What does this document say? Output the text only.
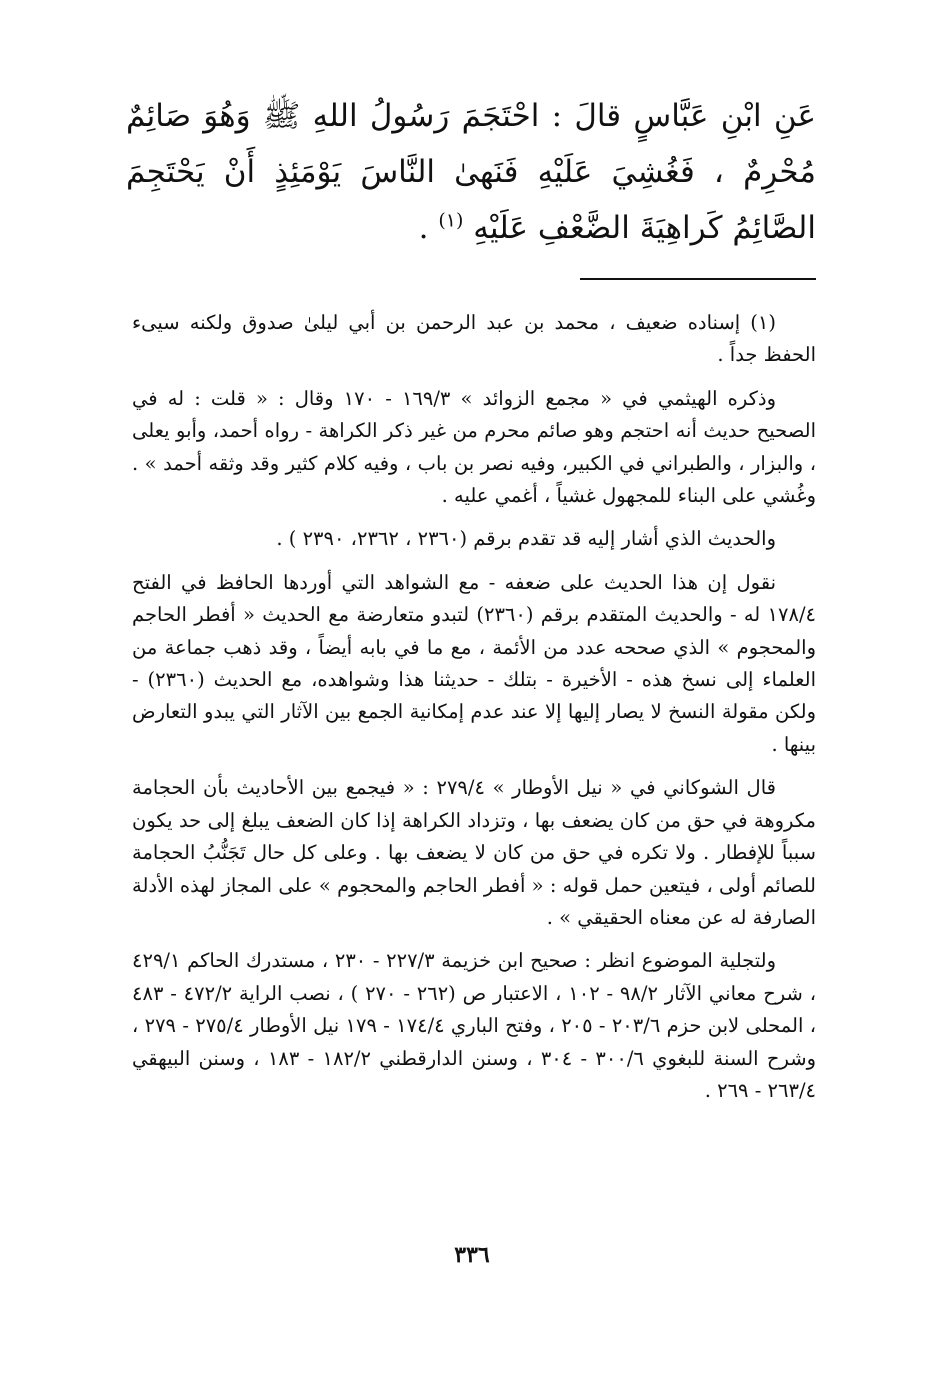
عَنِ ابْنِ عَبَّاسٍ قالَ : احْتَجَمَ رَسُولُ اللهِ ﷺ وَهُوَ صَائِمٌ مُحْرِمٌ ، فَغُشِيَ عَلَيْهِ فَنَهىٰ النَّاسَ يَوْمَئِذٍ أَنْ يَحْتَجِمَ الصَّائِمُ كَراهِيَةَ الضَّعْفِ عَلَيْهِ $^{(١)}$ .

(١) إسناده ضعيف ، محمد بن عبد الرحمن بن أبي ليلىٰ صدوق ولكنه سيىء الحفظ جداً .

وذكره الهيثمي في « مجمع الزوائد » ١٦٩/٣ - ١٧٠ وقال : « قلت : له في الصحيح حديث أنه احتجم وهو صائم محرم من غير ذكر الكراهة - رواه أحمد، وأبو يعلى ، والبزار ، والطبراني في الكبير، وفيه نصر بن باب ، وفيه كلام كثير وقد وثقه أحمد » . وغُشي على البناء للمجهول غشياً ، أغمي عليه .

والحديث الذي أشار إليه قد تقدم برقم (٢٣٦٠ ، ٢٣٦٢، ٢٣٩٠ ) .

نقول إن هذا الحديث على ضعفه - مع الشواهد التي أوردها الحافظ في الفتح ١٧٨/٤ له - والحديث المتقدم برقم (٢٣٦٠) لتبدو متعارضة مع الحديث « أفطر الحاجم والمحجوم » الذي صححه عدد من الأئمة ، مع ما في بابه أيضاً ، وقد ذهب جماعة من العلماء إلى نسخ هذه - الأخيرة - بتلك - حديثنا هذا وشواهده، مع الحديث (٢٣٦٠) - ولكن مقولة النسخ لا يصار إليها إلا عند عدم إمكانية الجمع بين الآثار التي يبدو التعارض بينها .

قال الشوكاني في « نيل الأوطار » ٢٧٩/٤ : « فيجمع بين الأحاديث بأن الحجامة مكروهة في حق من كان يضعف بها ، وتزداد الكراهة إذا كان الضعف يبلغ إلى حد يكون سبباً للإفطار . ولا تكره في حق من كان لا يضعف بها . وعلى كل حال تَجَنُّبُ الحجامة للصائم أولى ، فيتعين حمل قوله : « أفطر الحاجم والمحجوم » على المجاز لهذه الأدلة الصارفة له عن معناه الحقيقي » .

ولتجلية الموضوع انظر : صحيح ابن خزيمة ٢٢٧/٣ - ٢٣٠ ، مستدرك الحاكم ٤٢٩/١ ، شرح معاني الآثار ٩٨/٢ - ١٠٢ ، الاعتبار ص (٢٦٢ - ٢٧٠ ) ، نصب الراية ٤٧٢/٢ - ٤٨٣ ، المحلى لابن حزم ٢٠٣/٦ - ٢٠٥ ، وفتح الباري ١٧٤/٤ - ١٧٩ نيل الأوطار ٢٧٥/٤ - ٢٧٩ ، وشرح السنة للبغوي ٣٠٠/٦ - ٣٠٤ ، وسنن الدارقطني ١٨٢/٢ - ١٨٣ ، وسنن البيهقي ٢٦٣/٤ - ٢٦٩ .

٣٣٦
